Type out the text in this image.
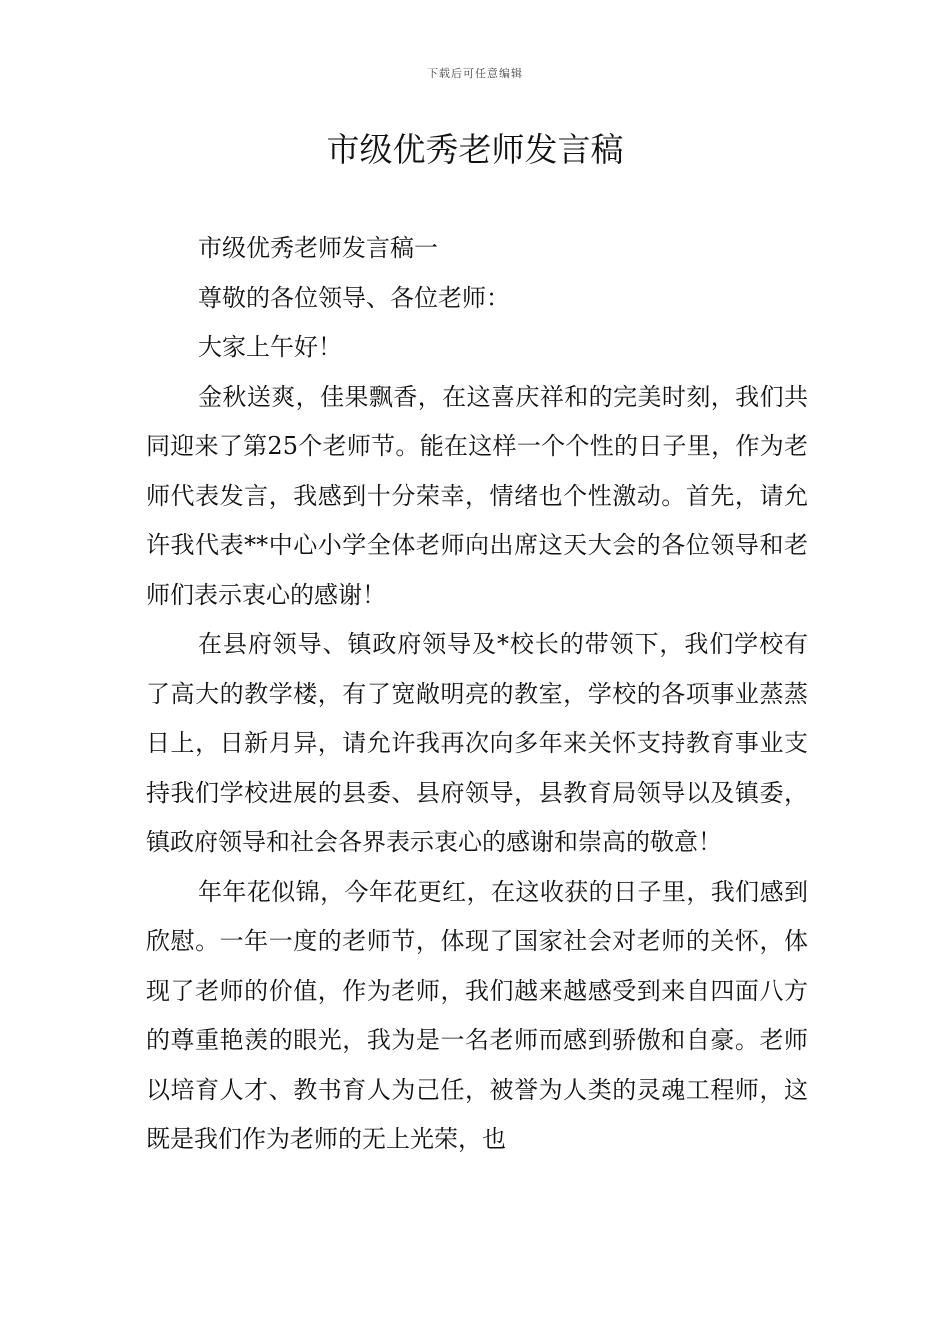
下载后可任意编辑
市级优秀老师发言稿

市级优秀老师发言稿一

尊敬的各位领导、各位老师：

大家上午好！

金秋送爽，佳果飘香，在这喜庆祥和的完美时刻，我们共同迎来了第25个老师节。能在这样一个个性的日子里，作为老师代表发言，我感到十分荣幸，情绪也个性激动。首先，请允许我代表**中心小学全体老师向出席这天大会的各位领导和老师们表示衷心的感谢！

在县府领导、镇政府领导及*校长的带领下，我们学校有了高大的教学楼，有了宽敞明亮的教室，学校的各项事业蒸蒸日上，日新月异，请允许我再次向多年来关怀支持教育事业支持我们学校进展的县委、县府领导，县教育局领导以及镇委，镇政府领导和社会各界表示衷心的感谢和崇高的敬意！

年年花似锦，今年花更红，在这收获的日子里，我们感到欣慰。一年一度的老师节，体现了国家社会对老师的关怀，体现了老师的价值，作为老师，我们越来越感受到来自四面八方的尊重艳羡的眼光，我为是一名老师而感到骄傲和自豪。老师以培育人才、教书育人为己任，被誉为人类的灵魂工程师，这既是我们作为老师的无上光荣，也
